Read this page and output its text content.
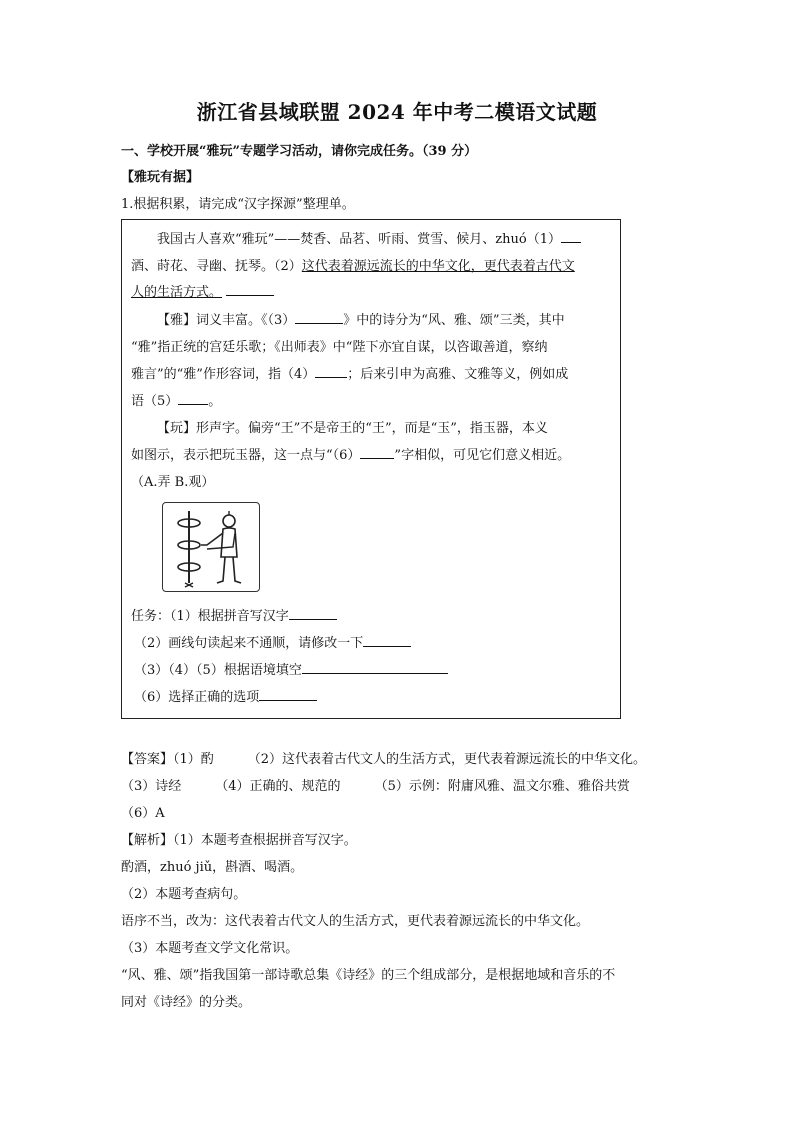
浙江省县域联盟 2024 年中考二模语文试题
一、学校开展“雅玩”专题学习活动，请你完成任务。（39 分）
【雅玩有据】
1.根据积累，请完成“汉字探源”整理单。
我国古人喜欢“雅玩”——焚香、品茗、听雨、赏雪、候月、zhuó（1）
酒、莳花、寻幽、抚琴。（2）这代表着源远流长的中华文化，更代表着古代文
人的生活方式。
【雅】词义丰富。《（3）	》中的诗分为“风、雅、颂”三类，其中
“雅”指正统的宫廷乐歌；《出师表》中“陛下亦宜自谋，以咨诹善道，察纳
雅言”的“雅”作形容词，指（4） ；后来引申为高雅、文雅等义，例如成
语（5） 。
【玩】形声字。偏旁“王”不是帝王的“王”，而是“玉”，指玉器，本义
如图示，表示把玩玉器，这一点与“（6）	”字相似，可见它们意义相近。
（A.弄 B.观）
任务：（1）根据拼音写汉字
（2）画线句读起来不通顺，请修改一下
（3）（4）（5）根据语境填空
（6）选择正确的选项
【答案】（1）酌	（2）这代表着古代文人的生活方式，更代表着源远流长的中华文化。
（3）诗经	（4）正确的、规范的	（5）示例：附庸风雅、温文尔雅、雅俗共赏
（6）A
【解析】（1）本题考查根据拼音写汉字。
酌酒，zhuó jiǔ，斟酒、喝酒。
（2）本题考查病句。
语序不当，改为：这代表着古代文人的生活方式，更代表着源远流长的中华文化。
（3）本题考查文学文化常识。
“风、雅、颂”指我国第一部诗歌总集《诗经》的三个组成部分，是根据地域和音乐的不
同对《诗经》的分类。
